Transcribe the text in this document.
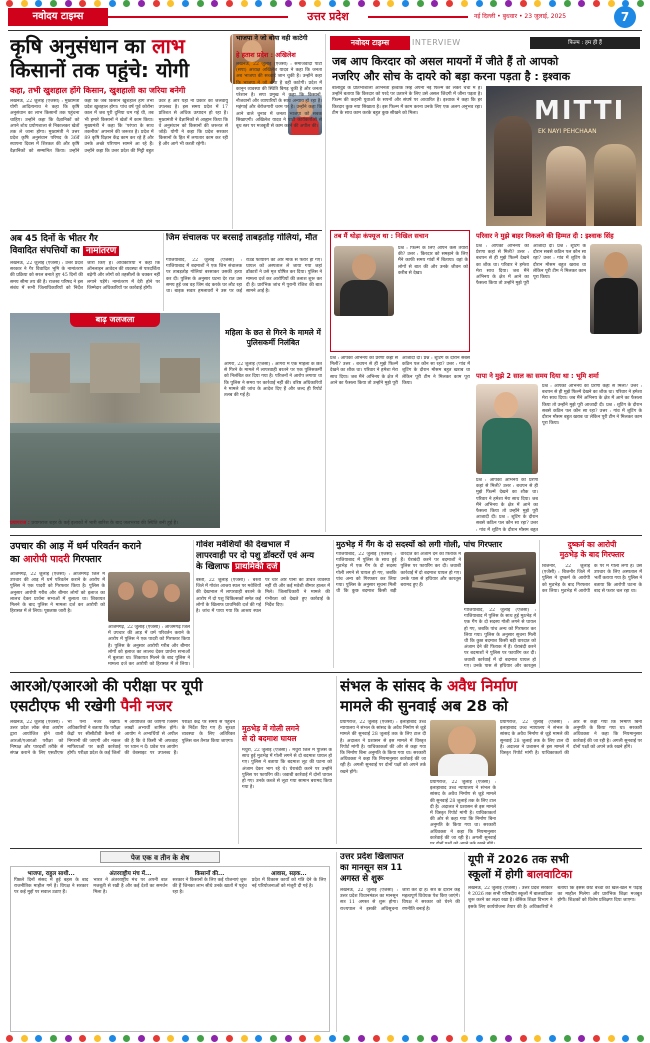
नवोदय टाइम्स	उत्तर प्रदेश	नई दिल्ली • बुधवार • 23 जुलाई, 2025	7
कृषि अनुसंधान का लाभ
किसानों तक पहुंचे: योगी
कहा, तभी खुशहाल होंगे किसान, खुशहाली का जरिया बनेगी
लखनऊ, 22 जुलाई (एजेंसी) : मुख्यमंत्री योगी आदित्यनाथ ने कहा कि कृषि अनुसंधान का लाभ किसानों तक पहुंचना चाहिए। उन्होंने कहा कि वैज्ञानिकों को अपने शोध प्रयोगशाला से निकालकर खेतों तक ले जाना होगा। मुख्यमंत्री ने उत्तर प्रदेश कृषि अनुसंधान परिषद के 36वें स्थापना दिवस में शिरकत की और कृषि वैज्ञानिकों को सम्मानित किया। उन्होंने कहा कि जब किसान खुशहाल होंगे तभी प्रदेश खुशहाल होगा। पांच वर्ष पूर्व कोरोना काल में जब पूरी दुनिया थम गई थी, तब भी हमारे किसानों ने खेतों में काम किया। मुख्यमंत्री ने कहा कि 'परंपरा के साथ तकनीक' अपनाने की जरूरत है। प्रदेश में 89 कृषि विज्ञान केंद्र काम कर रहे हैं और उनके अच्छे परिणाम सामने आ रहे हैं। उन्होंने कहा कि उत्तर प्रदेश की मिट्टी बहुत उर्वर है और यहां नौ प्रकार की जलवायु उपलब्ध है। इस समय प्रदेश में 17 प्रतिशत से अधिक उत्पादन हो रहा है। मुख्यमंत्री ने वैज्ञानिकों से आह्वान किया कि वे अनुसंधान को किसानों की जरूरत से जोड़ें। योगी ने कहा कि प्रदेश सरकार किसानों के हित में लगातार काम कर रही है और आगे भी करती रहेगी।
भाजपा ने जो बोया वही काटेगी
हे हताश प्रदेश : अखिलेश
लखनऊ, 22 जुलाई (एजेंसी) : समाजवादी पार्टी (सपा) अध्यक्ष अखिलेश यादव ने कहा कि जनता अब भाजपा की सच्चाई जान चुकी है। उन्होंने कहा कि भाजपा ने जो बोया है वही काटेगी। प्रदेश में कानून व्यवस्था की स्थिति बिगड़ चुकी है और जनता परेशान है। सपा प्रमुख ने कहा कि किसानों, नौजवानों और व्यापारियों के साथ अन्याय हो रहा है। महंगाई और बेरोजगारी चरम पर है। उन्होंने कहा कि आने वाले चुनाव में जनता भाजपा को सबक सिखाएगी। अखिलेश यादव ने पार्टी कार्यकर्ताओं से बूथ स्तर पर मजबूती से काम करने की अपील की।
नवोदय टाइम्स	INTERVIEW	फिल्म : हम ही हैं
जब आप किरदार को असल मायनों में जीते हैं तो आपको
नजरिए और सोच के दायरे को बड़ा करना पड़ता है : इश्वाक
बॉलीवुड के प्रतिभाशाली अभिनेता इश्वाक सिंह अपनी नई फिल्म को लेकर चर्चा में हैं। उन्होंने बताया कि किरदार को परदे पर उतारने के लिए उसे असल जिंदगी में जीना पड़ता है। फिल्म की कहानी युवाओं के सपनों और संघर्ष पर आधारित है। इश्वाक ने कहा कि हर किरदार कुछ नया सिखाता है। इस फिल्म में काम करना उनके लिए एक अलग अनुभव रहा। टीम के साथ काम करके बहुत कुछ सीखने को मिला।	MITTI
EK NAYI PEHCHAAN
तब मैं थोड़ा कंफ्यूज था : निखिल सचान
प्रश्न : फिल्म के लिए आपने कैसे तैयारी की? उत्तर : किरदार को समझने के लिए मैंने काफी समय गांवों में बिताया। वहां के लोगों से बात की और उनके जीवन को करीब से देखा।
प्रश्न : आपको अभिनय की प्रेरणा कहां से मिली? उत्तर : बचपन से ही मुझे फिल्में देखने का शौक था। परिवार ने हमेशा मेरा साथ दिया। जब मैंने अभिनय के क्षेत्र में आने का फैसला किया तो उन्होंने मुझे पूरी आजादी दी। प्रश्न : शूटिंग के दौरान सबसे कठिन पल कौन सा रहा? उत्तर : गांव में शूटिंग के दौरान मौसम बहुत खराब था लेकिन पूरी टीम ने मिलकर काम पूरा किया।
परिवार ने मुझे बाहर निकलने की हिम्मत दी : इश्वाक सिंह
प्रश्न : आपको अभिनय की प्रेरणा कहां से मिली? उत्तर : बचपन से ही मुझे फिल्में देखने का शौक था। परिवार ने हमेशा मेरा साथ दिया। जब मैंने अभिनय के क्षेत्र में आने का फैसला किया तो उन्होंने मुझे पूरी आजादी दी। प्रश्न : शूटिंग के दौरान सबसे कठिन पल कौन सा रहा? उत्तर : गांव में शूटिंग के दौरान मौसम बहुत खराब था लेकिन पूरी टीम ने मिलकर काम पूरा किया।
पापा ने मुझे 2 साल का समय दिया था : भूमि शर्मा
प्रश्न : आपको अभिनय की प्रेरणा कहां से मिली? उत्तर : बचपन से ही मुझे फिल्में देखने का शौक था। परिवार ने हमेशा मेरा साथ दिया। जब मैंने अभिनय के क्षेत्र में आने का फैसला किया तो उन्होंने मुझे पूरी आजादी दी। प्रश्न : शूटिंग के दौरान सबसे कठिन पल कौन सा रहा? उत्तर : गांव में शूटिंग के दौरान मौसम बहुत खराब था लेकिन पूरी टीम ने मिलकर काम पूरा किया।
प्रश्न : आपको अभिनय की प्रेरणा कहां से मिली? उत्तर : बचपन से ही मुझे फिल्में देखने का शौक था। परिवार ने हमेशा मेरा साथ दिया। जब मैंने अभिनय के क्षेत्र में आने का फैसला किया तो उन्होंने मुझे पूरी आजादी दी। प्रश्न : शूटिंग के दौरान सबसे कठिन पल कौन सा रहा? उत्तर : गांव में शूटिंग के दौरान मौसम बहुत
अब 45 दिनों के भीतर गैर
विवादित संपत्तियों का नामांतरण
लखनऊ, 22 जुलाई (एजेंसी) : उत्तर प्रदेश सरकार ने गैर विवादित भूमि के नामांतरण की प्रक्रिया को सरल बनाते हुए 45 दिनों की समय सीमा तय की है। राजस्व परिषद ने इस संबंध में सभी जिलाधिकारियों को निर्देश जारी किए हैं। अधिकारियों ने कहा कि ऑनलाइन आवेदन की व्यवस्था से पारदर्शिता बढ़ेगी और लोगों को तहसीलों के चक्कर नहीं लगाने पड़ेंगे। नामांतरण में देरी होने पर जिम्मेदार अधिकारियों पर कार्रवाई होगी।
जिम संचालक पर बरसाई ताबड़तोड़ गोलियां, मौत
गाजियाबाद, 22 जुलाई (एजेंसी) : गाजियाबाद में बदमाशों ने एक जिम संचालक पर ताबड़तोड़ गोलियां बरसाकर उसकी हत्या कर दी। पुलिस के अनुसार घटना देर रात उस समय हुई जब वह जिम बंद करके घर लौट रहा था। बाइक सवार हमलावरों ने उस पर कई राउंड फायरिंग की और मौके से फरार हो गए। घायल को अस्पताल ले जाया गया जहां डॉक्टरों ने उसे मृत घोषित कर दिया। पुलिस ने मामला दर्ज कर आरोपियों की तलाश शुरू कर दी है। प्रारंभिक जांच में पुरानी रंजिश की बात सामने आई है।
बाढ़ जलजला
प्रयागराज : प्रयागराज शहर के कई इलाकों में भारी बारिश के बाद जलभराव की स्थिति बनी हुई है।
महिला के छत से गिरने के मामले में पुलिसकर्मी निलंबित
आगरा, 22 जुलाई (एजेंसी) : आगरा में एक महिला के छत से गिरने के मामले में लापरवाही बरतने पर एक पुलिसकर्मी को निलंबित कर दिया गया है। परिजनों ने आरोप लगाया था कि पुलिस ने समय पर कार्रवाई नहीं की। वरिष्ठ अधिकारियों ने मामले की जांच के आदेश दिए हैं और जल्द ही रिपोर्ट तलब की गई है।
उपचार की आड़ में धर्म परिवर्तन कराने
का आरोपी पादरी गिरफ्तार
आजमगढ़, 22 जुलाई (एजेंसी) : आजमगढ़ जिले में उपचार की आड़ में धर्म परिवर्तन कराने के आरोप में पुलिस ने एक पादरी को गिरफ्तार किया है। पुलिस के अनुसार आरोपी गरीब और बीमार लोगों को इलाज का लालच देकर प्रार्थना सभाओं में बुलाता था। शिकायत मिलने के बाद पुलिस ने मामला दर्ज कर आरोपी को हिरासत में ले लिया। पूछताछ जारी है।
आजमगढ़, 22 जुलाई (एजेंसी) : आजमगढ़ जिले में उपचार की आड़ में धर्म परिवर्तन कराने के आरोप में पुलिस ने एक पादरी को गिरफ्तार किया है। पुलिस के अनुसार आरोपी गरीब और बीमार लोगों को इलाज का लालच देकर प्रार्थना सभाओं में बुलाता था। शिकायत मिलने के बाद पुलिस ने मामला दर्ज कर आरोपी को हिरासत में ले लिया।
गोवंश मवेशियों की देखभाल में
लापरवाही पर दो पशु डॉक्टरों एवं अन्य
के खिलाफ प्राथमिकी दर्ज
बस्ती, 22 जुलाई (एजेंसी) : बस्ती जिले में गोवंश आश्रय स्थल पर मवेशियों की देखभाल में लापरवाही बरतने के आरोप में दो पशु चिकित्सकों समेत कई लोगों के खिलाफ प्राथमिकी दर्ज की गई है। जांच में पाया गया कि आश्रय स्थल पर चारे और पानी की उचित व्यवस्था नहीं थी और कई मवेशी बीमार हालत में मिले। जिलाधिकारी ने मामले की गंभीरता को देखते हुए कार्रवाई के निर्देश दिए।
मुठभेड़ में गैंग के दो सदस्यों को लगी गोली, पांच गिरफ्तार
गाजियाबाद, 22 जुलाई (एजेंसी) : गाजियाबाद में पुलिस के साथ हुई मुठभेड़ में एक गैंग के दो सदस्य गोली लगने से घायल हो गए, जबकि पांच अन्य को गिरफ्तार कर लिया गया। पुलिस के अनुसार सूचना मिली थी कि कुछ बदमाश किसी बड़ी वारदात को अंजाम देने की फिराक में हैं। घेराबंदी करने पर बदमाशों ने पुलिस पर फायरिंग कर दी। जवाबी कार्रवाई में दो बदमाश घायल हो गए। उनके पास से हथियार और कारतूस बरामद हुए हैं।
गाजियाबाद, 22 जुलाई (एजेंसी) : गाजियाबाद में पुलिस के साथ हुई मुठभेड़ में एक गैंग के दो सदस्य गोली लगने से घायल हो गए, जबकि पांच अन्य को गिरफ्तार कर लिया गया। पुलिस के अनुसार सूचना मिली थी कि कुछ बदमाश किसी बड़ी वारदात को अंजाम देने की फिराक में हैं। घेराबंदी करने पर बदमाशों ने पुलिस पर फायरिंग कर दी। जवाबी कार्रवाई में दो बदमाश घायल हो गए। उनके पास से हथियार और कारतूस
दुष्कर्म का आरोपी
मुठभेड़ के बाद गिरफ्तार
बिजनौर, 22 जुलाई (एजेंसी) : बिजनौर जिले में पुलिस ने दुष्कर्म के आरोपी को मुठभेड़ के बाद गिरफ्तार कर लिया। मुठभेड़ में आरोपी के पैर में गोली लगी है। उसे उपचार के लिए अस्पताल में भर्ती कराया गया है। पुलिस ने बताया कि आरोपी घटना के बाद से फरार चल रहा था।
आरओ/एआरओ की परीक्षा पर यूपी
एसटीएफ भी रखेगी पैनी नजर
लखनऊ, 22 जुलाई (एजेंसी) : उत्तर प्रदेश लोक सेवा आयोग द्वारा आयोजित होने वाली आरओ/एआरओ परीक्षा को निष्पक्ष और पारदर्शी तरीके से संपन्न कराने के लिए एसटीएफ भी पैनी नजर रखेगी। अधिकारियों ने बताया कि परीक्षा केंद्रों पर सीसीटीवी कैमरों से निगरानी की जाएगी और नकल माफियाओं पर कड़ी कार्रवाई होगी। परीक्षा प्रदेश के कई जिलों में आयोजित की जाएगी जिसमें लाखों अभ्यर्थी शामिल होंगे। आयोग ने अभ्यर्थियों से अपील की है कि वे किसी भी अफवाह पर ध्यान न दें। प्रवेश पत्र आयोग की वेबसाइट पर उपलब्ध हैं। परीक्षा केंद्र पर समय से पहुंचने के निर्देश दिए गए हैं। सुरक्षा व्यवस्था के लिए अतिरिक्त पुलिस बल तैनात किया जाएगा।
मुठभेड़ में गोली लगने
से दो बदमाश घायल
मथुरा, 22 जुलाई (एजेंसी) : मथुरा जिले में पुलिस के साथ हुई मुठभेड़ में गोली लगने से दो बदमाश घायल हो गए। पुलिस ने बताया कि बदमाश लूट की घटना को अंजाम देकर भाग रहे थे। घेराबंदी करने पर उन्होंने पुलिस पर फायरिंग की। जवाबी कार्रवाई में दोनों घायल हो गए। उनके कब्जे से लूटा गया सामान बरामद किया गया है।
संभल के सांसद के अवैध निर्माण
मामले की सुनवाई अब 28 को
प्रयागराज, 22 जुलाई (एजेंसी) : इलाहाबाद उच्च न्यायालय ने संभल के सांसद के अवैध निर्माण से जुड़े मामले की सुनवाई 28 जुलाई तक के लिए टाल दी है। अदालत ने प्रशासन से इस मामले में विस्तृत रिपोर्ट मांगी है। याचिकाकर्ता की ओर से कहा गया कि निर्माण बिना अनुमति के किया गया था। सरकारी अधिवक्ता ने कहा कि नियमानुसार कार्रवाई की जा रही है। अगली सुनवाई पर दोनों पक्षों को अपने तर्क रखने होंगे।
प्रयागराज, 22 जुलाई (एजेंसी) : इलाहाबाद उच्च न्यायालय ने संभल के सांसद के अवैध निर्माण से जुड़े मामले की सुनवाई 28 जुलाई तक के लिए टाल दी है। अदालत ने प्रशासन से इस मामले में विस्तृत रिपोर्ट मांगी है। याचिकाकर्ता की ओर से कहा गया कि निर्माण बिना अनुमति के किया गया था। सरकारी अधिवक्ता ने कहा कि नियमानुसार कार्रवाई की जा रही है। अगली सुनवाई
प्रयागराज, 22 जुलाई (एजेंसी) : इलाहाबाद उच्च न्यायालय ने संभल के सांसद के अवैध निर्माण से जुड़े मामले की सुनवाई 28 जुलाई तक के लिए टाल दी है। अदालत ने प्रशासन से इस मामले में विस्तृत रिपोर्ट मांगी है। याचिकाकर्ता की ओर से कहा गया कि निर्माण बिना अनुमति के किया गया था। सरकारी अधिवक्ता ने कहा कि नियमानुसार कार्रवाई की जा रही है। अगली सुनवाई पर दोनों पक्षों को अपने तर्क रखने होंगे।
पेज एक व तीन के शेष
भाजपा, राहुल साथी...
पिछले दिनों संसद में हुई बहस के बाद राजनीतिक माहौल गर्म है। विपक्ष ने सरकार पर कई मुद्दों पर सवाल उठाए हैं।
अंतरराष्ट्रीय मंच में...
भारत ने अंतरराष्ट्रीय मंच पर अपनी बात मजबूती से रखी है और कई देशों का समर्थन मिला है।
किसानों की...
सरकार ने किसानों के लिए कई योजनाएं शुरू की हैं जिनका लाभ सीधे उनके खातों में पहुंच रहा है।
आवास, सड़क...
प्रदेश में विकास कार्यों को गति देने के लिए नई परियोजनाओं को मंजूरी दी गई है।
उत्तर प्रदेश खिलाफत
का मानसून सत्र 11
अगस्त से शुरू
लखनऊ, 22 जुलाई (एजेंसी) : उत्तर प्रदेश विधानमंडल का मानसून सत्र 11 अगस्त से शुरू होगा। राज्यपाल ने इसकी अधिसूचना जारी कर दी है। सत्र के दौरान कई महत्वपूर्ण विधेयक पेश किए जाएंगे। विपक्ष ने सरकार को घेरने की रणनीति बनाई है।
यूपी में 2026 तक सभी
स्कूलों में होगी बालवाटिका
लखनऊ, 22 जुलाई (एजेंसी) : उत्तर प्रदेश सरकार ने 2026 तक सभी परिषदीय स्कूलों में बालवाटिका शुरू करने का लक्ष्य रखा है। बेसिक शिक्षा विभाग ने इसके लिए कार्ययोजना तैयार की है। अधिकारियों ने बताया कि इससे छोटे बच्चों को खेल-खेल में पढ़ाई का माहौल मिलेगा और प्रारंभिक शिक्षा मजबूत होगी। शिक्षकों को विशेष प्रशिक्षण दिया जाएगा।
